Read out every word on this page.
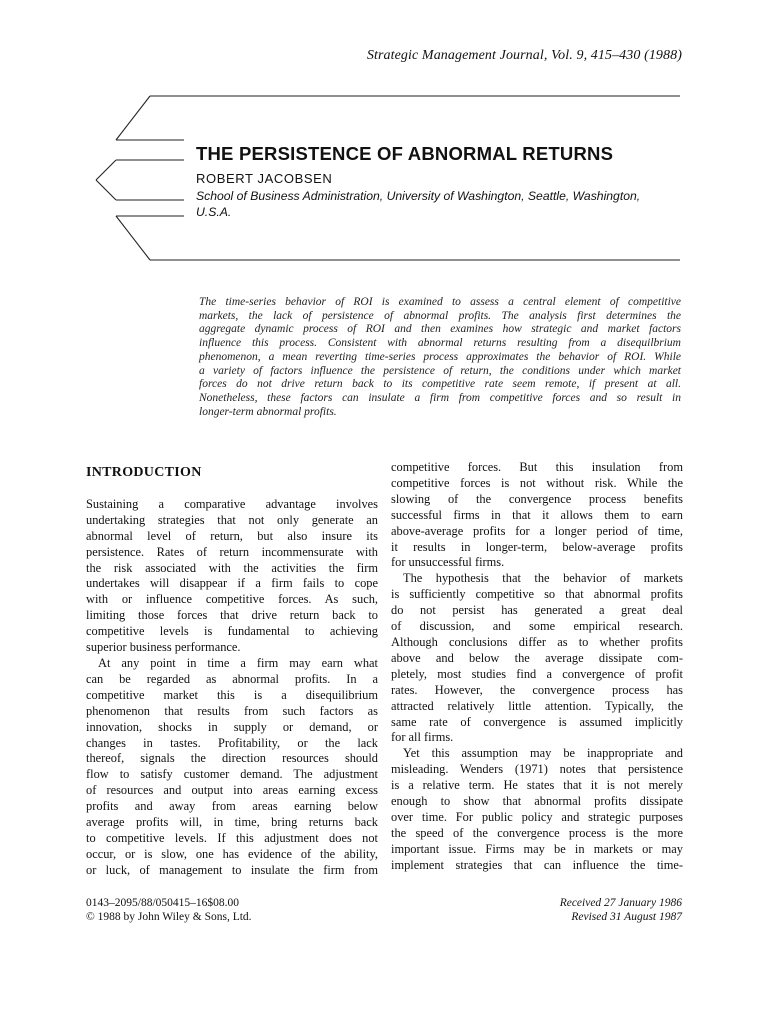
Strategic Management Journal, Vol. 9, 415–430 (1988)
THE PERSISTENCE OF ABNORMAL RETURNS
ROBERT JACOBSEN
School of Business Administration, University of Washington, Seattle, Washington,
U.S.A.
The time-series behavior of ROI is examined to assess a central element of competitive
markets, the lack of persistence of abnormal profits. The analysis first determines the
aggregate dynamic process of ROI and then examines how strategic and market factors
influence this process. Consistent with abnormal returns resulting from a disequilbrium
phenomenon, a mean reverting time-series process approximates the behavior of ROI. While
a variety of factors influence the persistence of return, the conditions under which market
forces do not drive return back to its competitive rate seem remote, if present at all.
Nonetheless, these factors can insulate a firm from competitive forces and so result in
longer-term abnormal profits.
INTRODUCTION
Sustaining a comparative advantage involves
undertaking strategies that not only generate an
abnormal level of return, but also insure its
persistence. Rates of return incommensurate with
the risk associated with the activities the firm
undertakes will disappear if a firm fails to cope
with or influence competitive forces. As such,
limiting those forces that drive return back to
competitive levels is fundamental to achieving
superior business performance.
At any point in time a firm may earn what
can be regarded as abnormal profits. In a
competitive market this is a disequilibrium
phenomenon that results from such factors as
innovation, shocks in supply or demand, or
changes in tastes. Profitability, or the lack
thereof, signals the direction resources should
flow to satisfy customer demand. The adjustment
of resources and output into areas earning excess
profits and away from areas earning below
average profits will, in time, bring returns back
to competitive levels. If this adjustment does not
occur, or is slow, one has evidence of the ability,
or luck, of management to insulate the firm from
competitive forces. But this insulation from
competitive forces is not without risk. While the
slowing of the convergence process benefits
successful firms in that it allows them to earn
above-average profits for a longer period of time,
it results in longer-term, below-average profits
for unsuccessful firms.
The hypothesis that the behavior of markets
is sufficiently competitive so that abnormal profits
do not persist has generated a great deal
of discussion, and some empirical research.
Although conclusions differ as to whether profits
above and below the average dissipate com-
pletely, most studies find a convergence of profit
rates. However, the convergence process has
attracted relatively little attention. Typically, the
same rate of convergence is assumed implicitly
for all firms.
Yet this assumption may be inappropriate and
misleading. Wenders (1971) notes that persistence
is a relative term. He states that it is not merely
enough to show that abnormal profits dissipate
over time. For public policy and strategic purposes
the speed of the convergence process is the more
important issue. Firms may be in markets or may
implement strategies that can influence the time-
0143–2095/88/050415–16$08.00
© 1988 by John Wiley & Sons, Ltd.
Received 27 January 1986
Revised 31 August 1987
